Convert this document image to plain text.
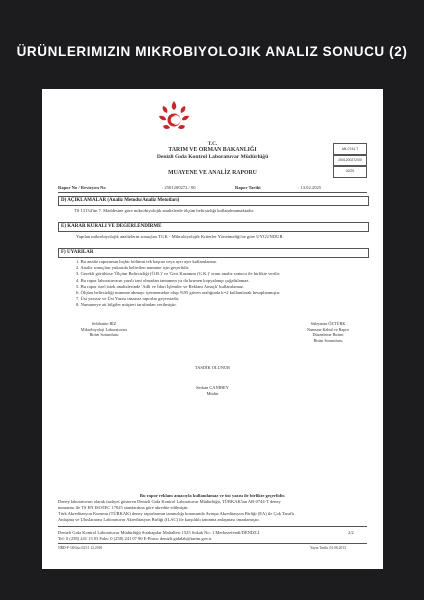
ÜRÜNLERIMIZIN MIKROBIYOLOJIK ANALIZ SONUCU (2)
T.C.
TARIM VE ORMAN BAKANLIĞI
Denizli Gıda Kontrol Laboratuvar Müdürlüğü
MUAYENE VE ANALİZ RAPORU
AB-0744-T
2501200272/00
02/25
Rapor No / Revizyon No	: 2501200272 / 00	Rapor Tarihi	: 13.02.2025
D) AÇIKLAMALAR (Analiz Metodu/Analiz Metotları)
TS 13134'ün 7. Maddesine göre mikrobiyolojik analizlerde ölçüm belirsizliği kullanılmamaktadır.
E) KARAR KURALI VE DEĞERLENDİRME
Yapılan mikrobiyolojik analizlerin sonuçları TGK - Mikrobiyolojik Kriterler Yönetmeliği'ne göre UYGUNDUR.
F) UYARILAR
1. Bu analiz raporunun hiçbir bölümü tek başına veya ayrı ayrı kullanılamaz.
2. Analiz sonuçları yukarıda belirtilen numune için geçerlidir.
3. Gerekli görülürse 'Ölçüm Belirsizliği (Ö.B.)' ve 'Geri Kazanım (G.K.)' oranı analiz sonucu ile birlikte verilir.
4. Bu rapor laboratuvarın yazılı izni olmadan tamamen ya da kısmen kopyalanıp çoğaltılamaz.
5. Bu rapor özel istek analizlerinde 'Adli ve İdari İşlemler ve Reklam Amaçlı' kullanılamaz.
6. Ölçüm belirsizliği numune ahmayı içermemekte olup %95 güven aralığında k=2 kullanılarak hesaplanmıştır.
7. Üst yazısız ve Üst Yazısı imzasız raporlar geçersizdir.
8. Numuneye ait bilgiler müşteri tarafından verilmiştir.
Selahattin BİZ
Mikrobiyoloji Laboratuvarı
Birim Sorumlusu
Süleyman ÖZTÜRK
Numune Kabul ve Rapor
Düzenleme Birimi
Birim Sorumlusu
TASDİK OLUNUR
Serkan CANİBEY
Müdür
Bu rapor reklam amacıyla kullanılamaz ve üst yazısı ile birlikte geçerlidir.
Deney laboratuvarı olarak faaliyet gösteren Denizli Gıda Kontrol Laboratuvar Müdürlüğü, TÜRKAK'tan AB-0744-T deney
numarası ile TS EN ISO/IEC 17025 standardına göre akredite edilmiştir.
Türk Akreditasyon Kurumu (TÜRKAK) deney raporlarının tanınırlığı konusunda Avrupa Akreditasyon Birliği (EA) ile Çok Taraflı
Anlaşma ve Uluslararası Laboratuvar Akreditasyon Birliği (ILAC) ile karşılıklı tanınma anlaşması imzalamıştır.
Denizli Gıda Kontrol Laboratuvar Müdürlüğü Sırakapılar Mahallesi 1525 Sokak No: 1 Merkezefendi/DENİZLİ
Tel: 0 (258) 241 13 03 Faks: 0 (258) 241 07 90 E-Posta: denizli.gidalab@tarim.gov.tr
2/2
NRD-F-18/Güc.02/11.12.2018	Yayın Tarihi :01.06.2013
